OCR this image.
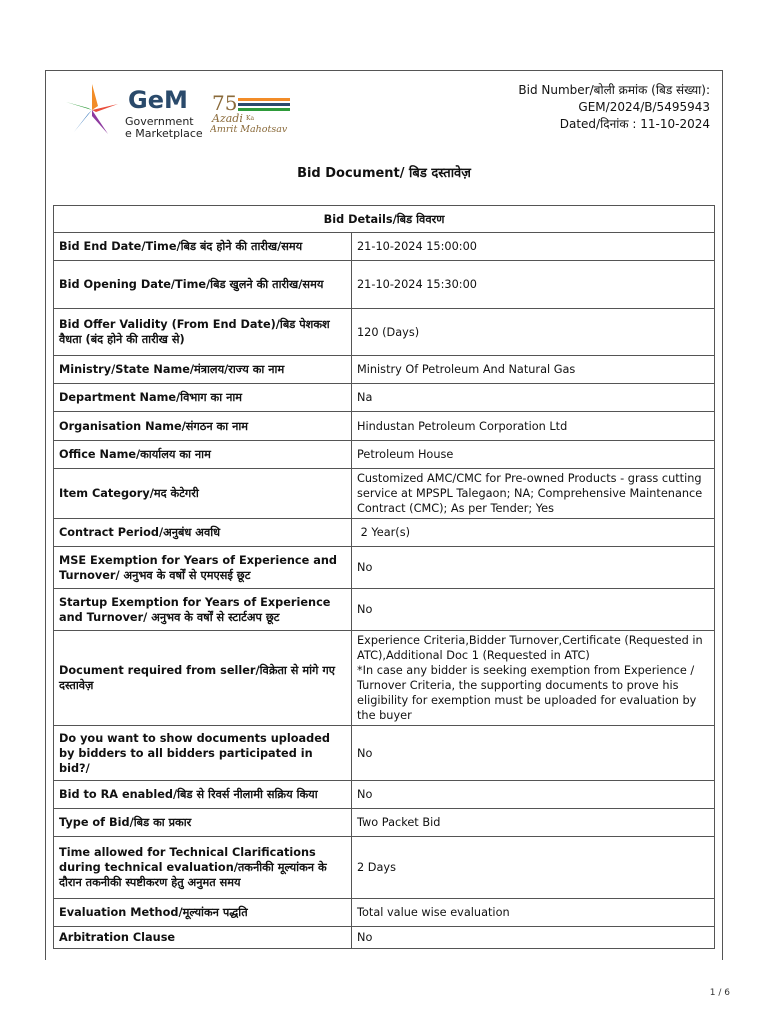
GeM
Government
e Marketplace
75
Azadi Ka
Amrit Mahotsav
Bid Number/बोली क्रमांक (बिड संख्या):
GEM/2024/B/5495943
Dated/दिनांक : 11-10-2024
Bid Document/ बिड दस्तावेज़
Bid Details/बिड विवरण	
Bid End Date/Time/बिड बंद होने की तारीख/समय	21-10-2024 15:00:00
Bid Opening Date/Time/बिड खुलने की तारीख/समय	21-10-2024 15:30:00
Bid Offer Validity (From End Date)/बिड पेशकश वैधता (बंद होने की तारीख से)	120 (Days)
Ministry/State Name/मंत्रालय/राज्य का नाम	Ministry Of Petroleum And Natural Gas
Department Name/विभाग का नाम	Na
Organisation Name/संगठन का नाम	Hindustan Petroleum Corporation Ltd
Office Name/कार्यालय का नाम	Petroleum House
Item Category/मद केटेगरी	Customized AMC/CMC for Pre-owned Products - grass cutting service at MPSPL Talegaon; NA; Comprehensive Maintenance Contract (CMC); As per Tender; Yes
Contract Period/अनुबंध अवधि	2 Year(s)
MSE Exemption for Years of Experience and Turnover/ अनुभव के वर्षों से एमएसई छूट	No
Startup Exemption for Years of Experience and Turnover/ अनुभव के वर्षों से स्टार्टअप छूट	No
Document required from seller/विक्रेता से मांगे गए दस्तावेज़	Experience Criteria,Bidder Turnover,Certificate (Requested in ATC),Additional Doc 1 (Requested in ATC)
*In case any bidder is seeking exemption from Experience / Turnover Criteria, the supporting documents to prove his eligibility for exemption must be uploaded for evaluation by the buyer
Do you want to show documents uploaded by bidders to all bidders participated in bid?/	No
Bid to RA enabled/बिड से रिवर्स नीलामी सक्रिय किया	No
Type of Bid/बिड का प्रकार	Two Packet Bid
Time allowed for Technical Clarifications during technical evaluation/तकनीकी मूल्यांकन के दौरान तकनीकी स्पष्टीकरण हेतु अनुमत समय	2 Days
Evaluation Method/मूल्यांकन पद्धति	Total value wise evaluation
Arbitration Clause	No
1 / 6
